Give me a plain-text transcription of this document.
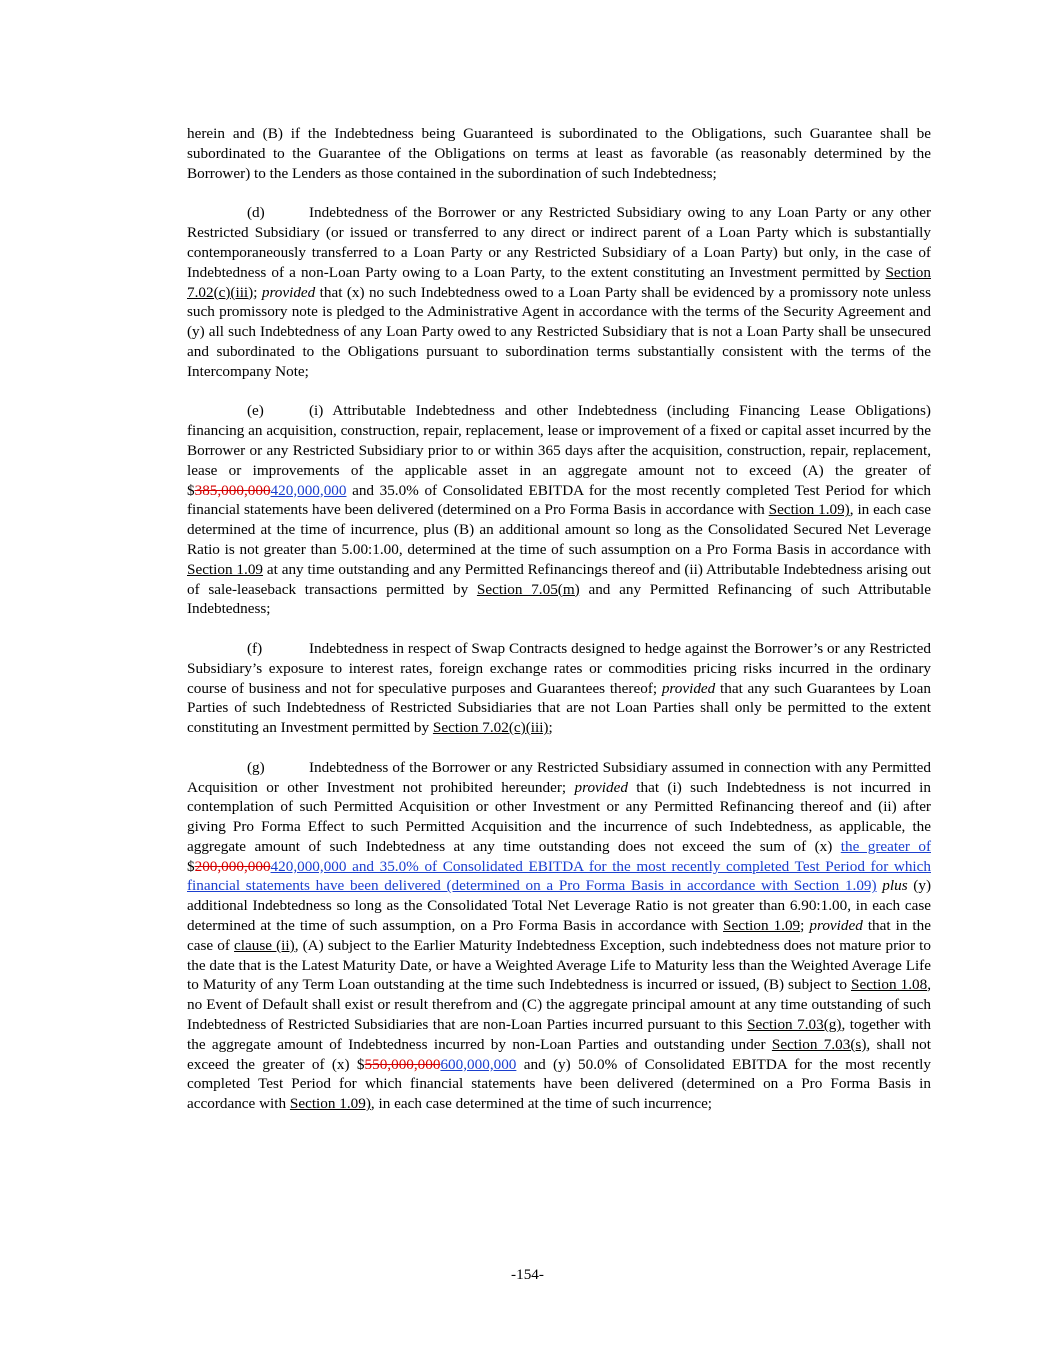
herein and (B) if the Indebtedness being Guaranteed is subordinated to the Obligations, such Guarantee shall be subordinated to the Guarantee of the Obligations on terms at least as favorable (as reasonably determined by the Borrower) to the Lenders as those contained in the subordination of such Indebtedness;

(d)	Indebtedness of the Borrower or any Restricted Subsidiary owing to any Loan Party or any other Restricted Subsidiary (or issued or transferred to any direct or indirect parent of a Loan Party which is substantially contemporaneously transferred to a Loan Party or any Restricted Subsidiary of a Loan Party) but only, in the case of Indebtedness of a non-Loan Party owing to a Loan Party, to the extent constituting an Investment permitted by Section 7.02(c)(iii); provided that (x) no such Indebtedness owed to a Loan Party shall be evidenced by a promissory note unless such promissory note is pledged to the Administrative Agent in accordance with the terms of the Security Agreement and (y) all such Indebtedness of any Loan Party owed to any Restricted Subsidiary that is not a Loan Party shall be unsecured and subordinated to the Obligations pursuant to subordination terms substantially consistent with the terms of the Intercompany Note;

(e)	(i) Attributable Indebtedness and other Indebtedness (including Financing Lease Obligations) financing an acquisition, construction, repair, replacement, lease or improvement of a fixed or capital asset incurred by the Borrower or any Restricted Subsidiary prior to or within 365 days after the acquisition, construction, repair, replacement, lease or improvements of the applicable asset in an aggregate amount not to exceed (A) the greater of $385,000,000420,000,000 and 35.0% of Consolidated EBITDA for the most recently completed Test Period for which financial statements have been delivered (determined on a Pro Forma Basis in accordance with Section 1.09), in each case determined at the time of incurrence, plus (B) an additional amount so long as the Consolidated Secured Net Leverage Ratio is not greater than 5.00:1.00, determined at the time of such assumption on a Pro Forma Basis in accordance with Section 1.09 at any time outstanding and any Permitted Refinancings thereof and (ii) Attributable Indebtedness arising out of sale-leaseback transactions permitted by Section 7.05(m) and any Permitted Refinancing of such Attributable Indebtedness;

(f)	Indebtedness in respect of Swap Contracts designed to hedge against the Borrower’s or any Restricted Subsidiary’s exposure to interest rates, foreign exchange rates or commodities pricing risks incurred in the ordinary course of business and not for speculative purposes and Guarantees thereof; provided that any such Guarantees by Loan Parties of such Indebtedness of Restricted Subsidiaries that are not Loan Parties shall only be permitted to the extent constituting an Investment permitted by Section 7.02(c)(iii);

(g)	Indebtedness of the Borrower or any Restricted Subsidiary assumed in connection with any Permitted Acquisition or other Investment not prohibited hereunder; provided that (i) such Indebtedness is not incurred in contemplation of such Permitted Acquisition or other Investment or any Permitted Refinancing thereof and (ii) after giving Pro Forma Effect to such Permitted Acquisition and the incurrence of such Indebtedness, as applicable, the aggregate amount of such Indebtedness at any time outstanding does not exceed the sum of (x) the greater of $200,000,000420,000,000 and 35.0% of Consolidated EBITDA for the most recently completed Test Period for which financial statements have been delivered (determined on a Pro Forma Basis in accordance with Section 1.09) plus (y) additional Indebtedness so long as the Consolidated Total Net Leverage Ratio is not greater than 6.90:1.00, in each case determined at the time of such assumption, on a Pro Forma Basis in accordance with Section 1.09; provided that in the case of clause (ii), (A) subject to the Earlier Maturity Indebtedness Exception, such indebtedness does not mature prior to the date that is the Latest Maturity Date, or have a Weighted Average Life to Maturity less than the Weighted Average Life to Maturity of any Term Loan outstanding at the time such Indebtedness is incurred or issued, (B) subject to Section 1.08, no Event of Default shall exist or result therefrom and (C) the aggregate principal amount at any time outstanding of such Indebtedness of Restricted Subsidiaries that are non-Loan Parties incurred pursuant to this Section 7.03(g), together with the aggregate amount of Indebtedness incurred by non-Loan Parties and outstanding under Section 7.03(s), shall not exceed the greater of (x) $550,000,000600,000,000 and (y) 50.0% of Consolidated EBITDA for the most recently completed Test Period for which financial statements have been delivered (determined on a Pro Forma Basis in accordance with Section 1.09), in each case determined at the time of such incurrence;

-154-
